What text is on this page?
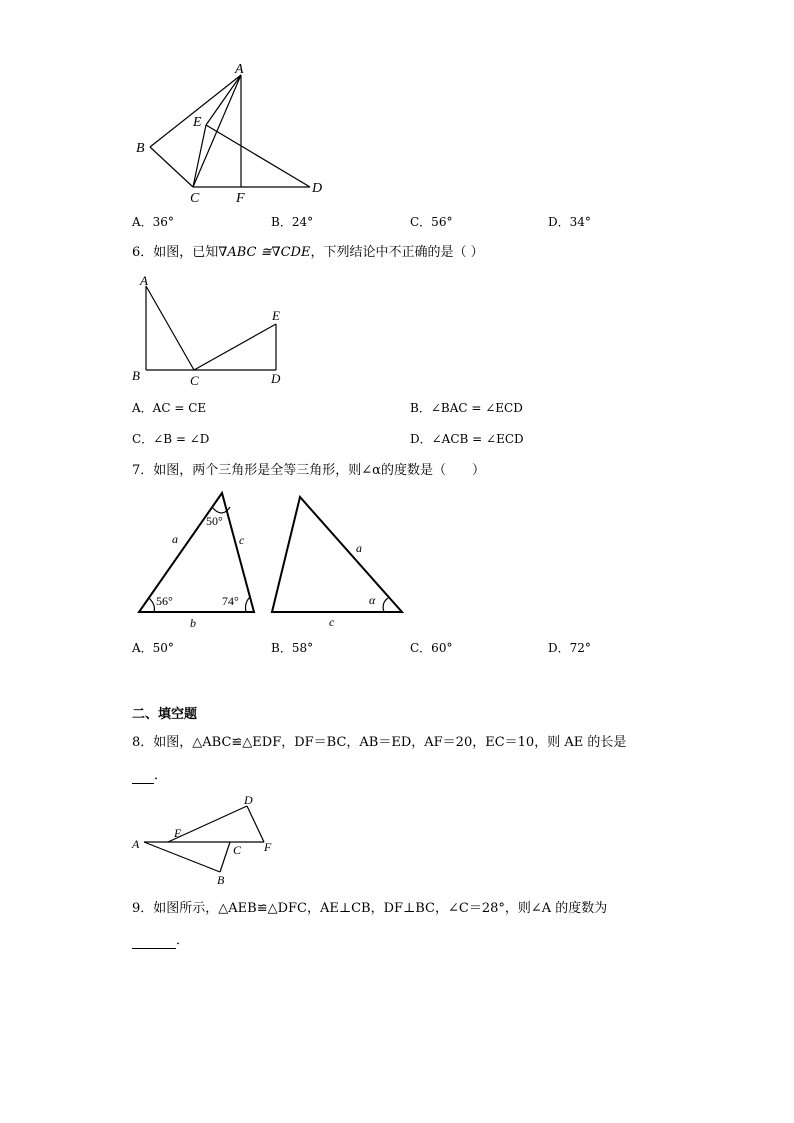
A
B
C
D
E
F
A．36°	B．24°	C．56°	D．34°
6．如图，已知∇ABC ≅∇CDE，下列结论中不正确的是（ ）
A
B	C	D
E
A．AC = CE	B．∠BAC = ∠ECD
C．∠B = ∠D	D．∠ACB = ∠ECD
7．如图，两个三角形是全等三角形，则∠α的度数是（　　）
50°
56°	74°
a	c
b
a
c
α
A．50°	B．58°	C．60°	D．72°
二、填空题
8．如图，△ABC≌△EDF，DF＝BC，AB＝ED，AF＝20，EC＝10，则 AE 的长是
．
A
E
D
C F
B
9．如图所示，△AEB≌△DFC，AE⊥CB，DF⊥BC，∠C＝28°，则∠A 的度数为
．
